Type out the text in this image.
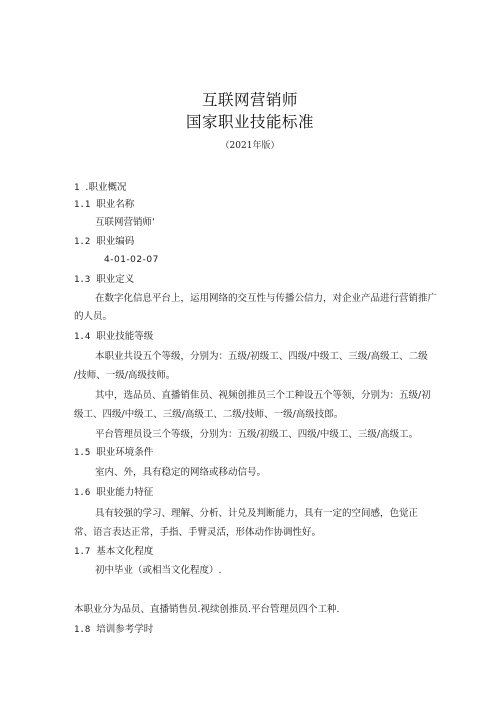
互联网营销师
国家职业技能标准
（2021年版）
1 .职业概况
1.1 职业名称
互联网营销师'
1.2 职业编码
4-01-02-07
1.3 职业定义
在数字化信息平台上，运用网络的交互性与传播公信力，对企业产品进行营销推广
的人员。
1.4 职业技能等级
本职业共设五个等级，分别为：五级/初级工、四级/中级工、三级/高级工、二级
/技师、一级/高级技师。
其中，选品员、直播销隹员、视频创推员三个工种设五个等领，分别为：五级/初
级工、四级/中级工、三级/高级工、二级/技师、一级/高级技郎。
平台管理员设三个等级，分别为：五级/初级工、四级/中级工、三级/高级工。
1.5 职业环境条件
室内、外，具有稳定的网络或移动信号。
1.6 职业能力特征
具有较强的学习、理解、分析、计兑及判断能力，具有一定的空间感，色觉正
常、语言表达正常，手指、手臂灵活，形体动作协调性好。
1.7 基本文化程度
初中毕业（或相当文化程度）.
本职业分为品员、直播销售员.视续创推员.平台管理员四个工种.
1.8 培训参考学时
